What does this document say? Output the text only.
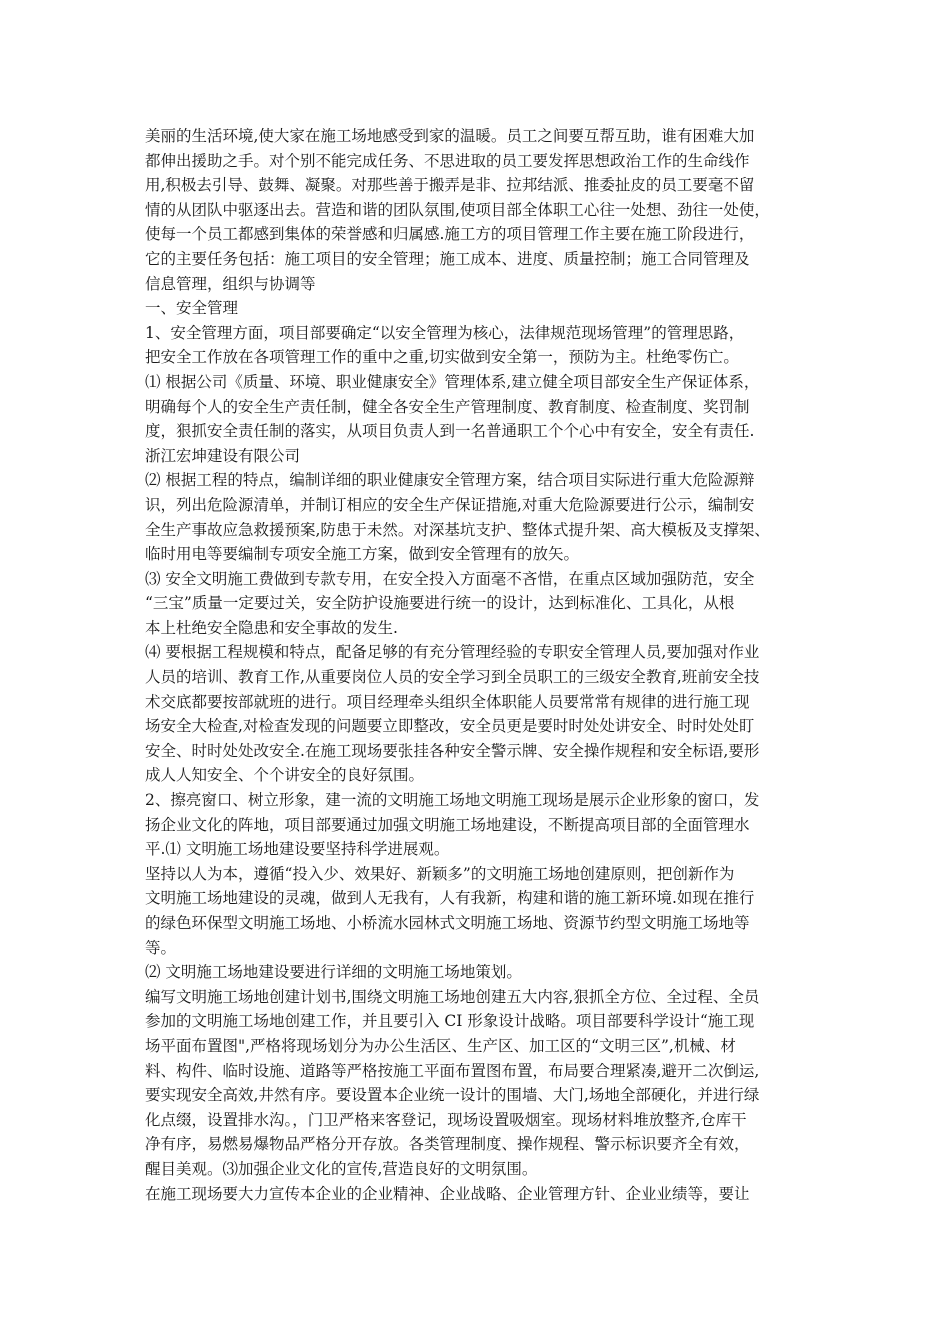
美丽的生活环境,使大家在施工场地感受到家的温暖。员工之间要互帮互助，谁有困难大加
都伸出援助之手。对个别不能完成任务、不思进取的员工要发挥思想政治工作的生命线作
用,积极去引导、鼓舞、凝聚。对那些善于搬弄是非、拉邦结派、推委扯皮的员工要毫不留
情的从团队中驱逐出去。营造和谐的团队氛围,使项目部全体职工心往一处想、劲往一处使，
使每一个员工都感到集体的荣誉感和归属感.施工方的项目管理工作主要在施工阶段进行，
它的主要任务包括：施工项目的安全管理；施工成本、进度、质量控制；施工合同管理及
信息管理，组织与协调等
一、安全管理
1、安全管理方面，项目部要确定“以安全管理为核心，法律规范现场管理”的管理思路，
把安全工作放在各项管理工作的重中之重,切实做到安全第一，预防为主。杜绝零伤亡。
⑴ 根据公司《质量、环境、职业健康安全》管理体系,建立健全项目部安全生产保证体系，
明确每个人的安全生产责任制，健全各安全生产管理制度、教育制度、检查制度、奖罚制
度，狠抓安全责任制的落实，从项目负责人到一名普通职工个个心中有安全，安全有责任.
浙江宏坤建设有限公司
⑵ 根据工程的特点，编制详细的职业健康安全管理方案，结合项目实际进行重大危险源辩
识，列出危险源清单，并制订相应的安全生产保证措施,对重大危险源要进行公示，编制安
全生产事故应急救援预案,防患于未然。对深基坑支护、整体式提升架、高大模板及支撑架、
临时用电等要编制专项安全施工方案，做到安全管理有的放矢。
⑶ 安全文明施工费做到专款专用，在安全投入方面毫不吝惜，在重点区域加强防范，安全
“三宝”质量一定要过关，安全防护设施要进行统一的设计，达到标准化、工具化，从根
本上杜绝安全隐患和安全事故的发生.
⑷ 要根据工程规模和特点，配备足够的有充分管理经验的专职安全管理人员,要加强对作业
人员的培训、教育工作,从重要岗位人员的安全学习到全员职工的三级安全教育,班前安全技
术交底都要按部就班的进行。项目经理牵头组织全体职能人员要常常有规律的进行施工现
场安全大检查,对检查发现的问题要立即整改，安全员更是要时时处处讲安全、时时处处盯
安全、时时处处改安全.在施工现场要张挂各种安全警示牌、安全操作规程和安全标语,要形
成人人知安全、个个讲安全的良好氛围。
2、擦亮窗口、树立形象，建一流的文明施工场地文明施工现场是展示企业形象的窗口，发
扬企业文化的阵地，项目部要通过加强文明施工场地建设，不断提高项目部的全面管理水
平.⑴ 文明施工场地建设要坚持科学进展观。
坚持以人为本，遵循“投入少、效果好、新颖多”的文明施工场地创建原则，把创新作为
文明施工场地建设的灵魂，做到人无我有，人有我新，构建和谐的施工新环境.如现在推行
的绿色环保型文明施工场地、小桥流水园林式文明施工场地、资源节约型文明施工场地等
等。
⑵ 文明施工场地建设要进行详细的文明施工场地策划。
编写文明施工场地创建计划书,围绕文明施工场地创建五大内容,狠抓全方位、全过程、全员
参加的文明施工场地创建工作，并且要引入 CI 形象设计战略。项目部要科学设计“施工现
场平面布置图",严格将现场划分为办公生活区、生产区、加工区的“文明三区”,机械、材
料、构件、临时设施、道路等严格按施工平面布置图布置，布局要合理紧凑,避开二次倒运,
要实现安全高效,井然有序。要设置本企业统一设计的围墙、大门,场地全部硬化，并进行绿
化点缀，设置排水沟。，门卫严格来客登记，现场设置吸烟室。现场材料堆放整齐,仓库干
净有序，易燃易爆物品严格分开存放。各类管理制度、操作规程、警示标识要齐全有效，
醒目美观。⑶加强企业文化的宣传,营造良好的文明氛围。
在施工现场要大力宣传本企业的企业精神、企业战略、企业管理方针、企业业绩等，要让
